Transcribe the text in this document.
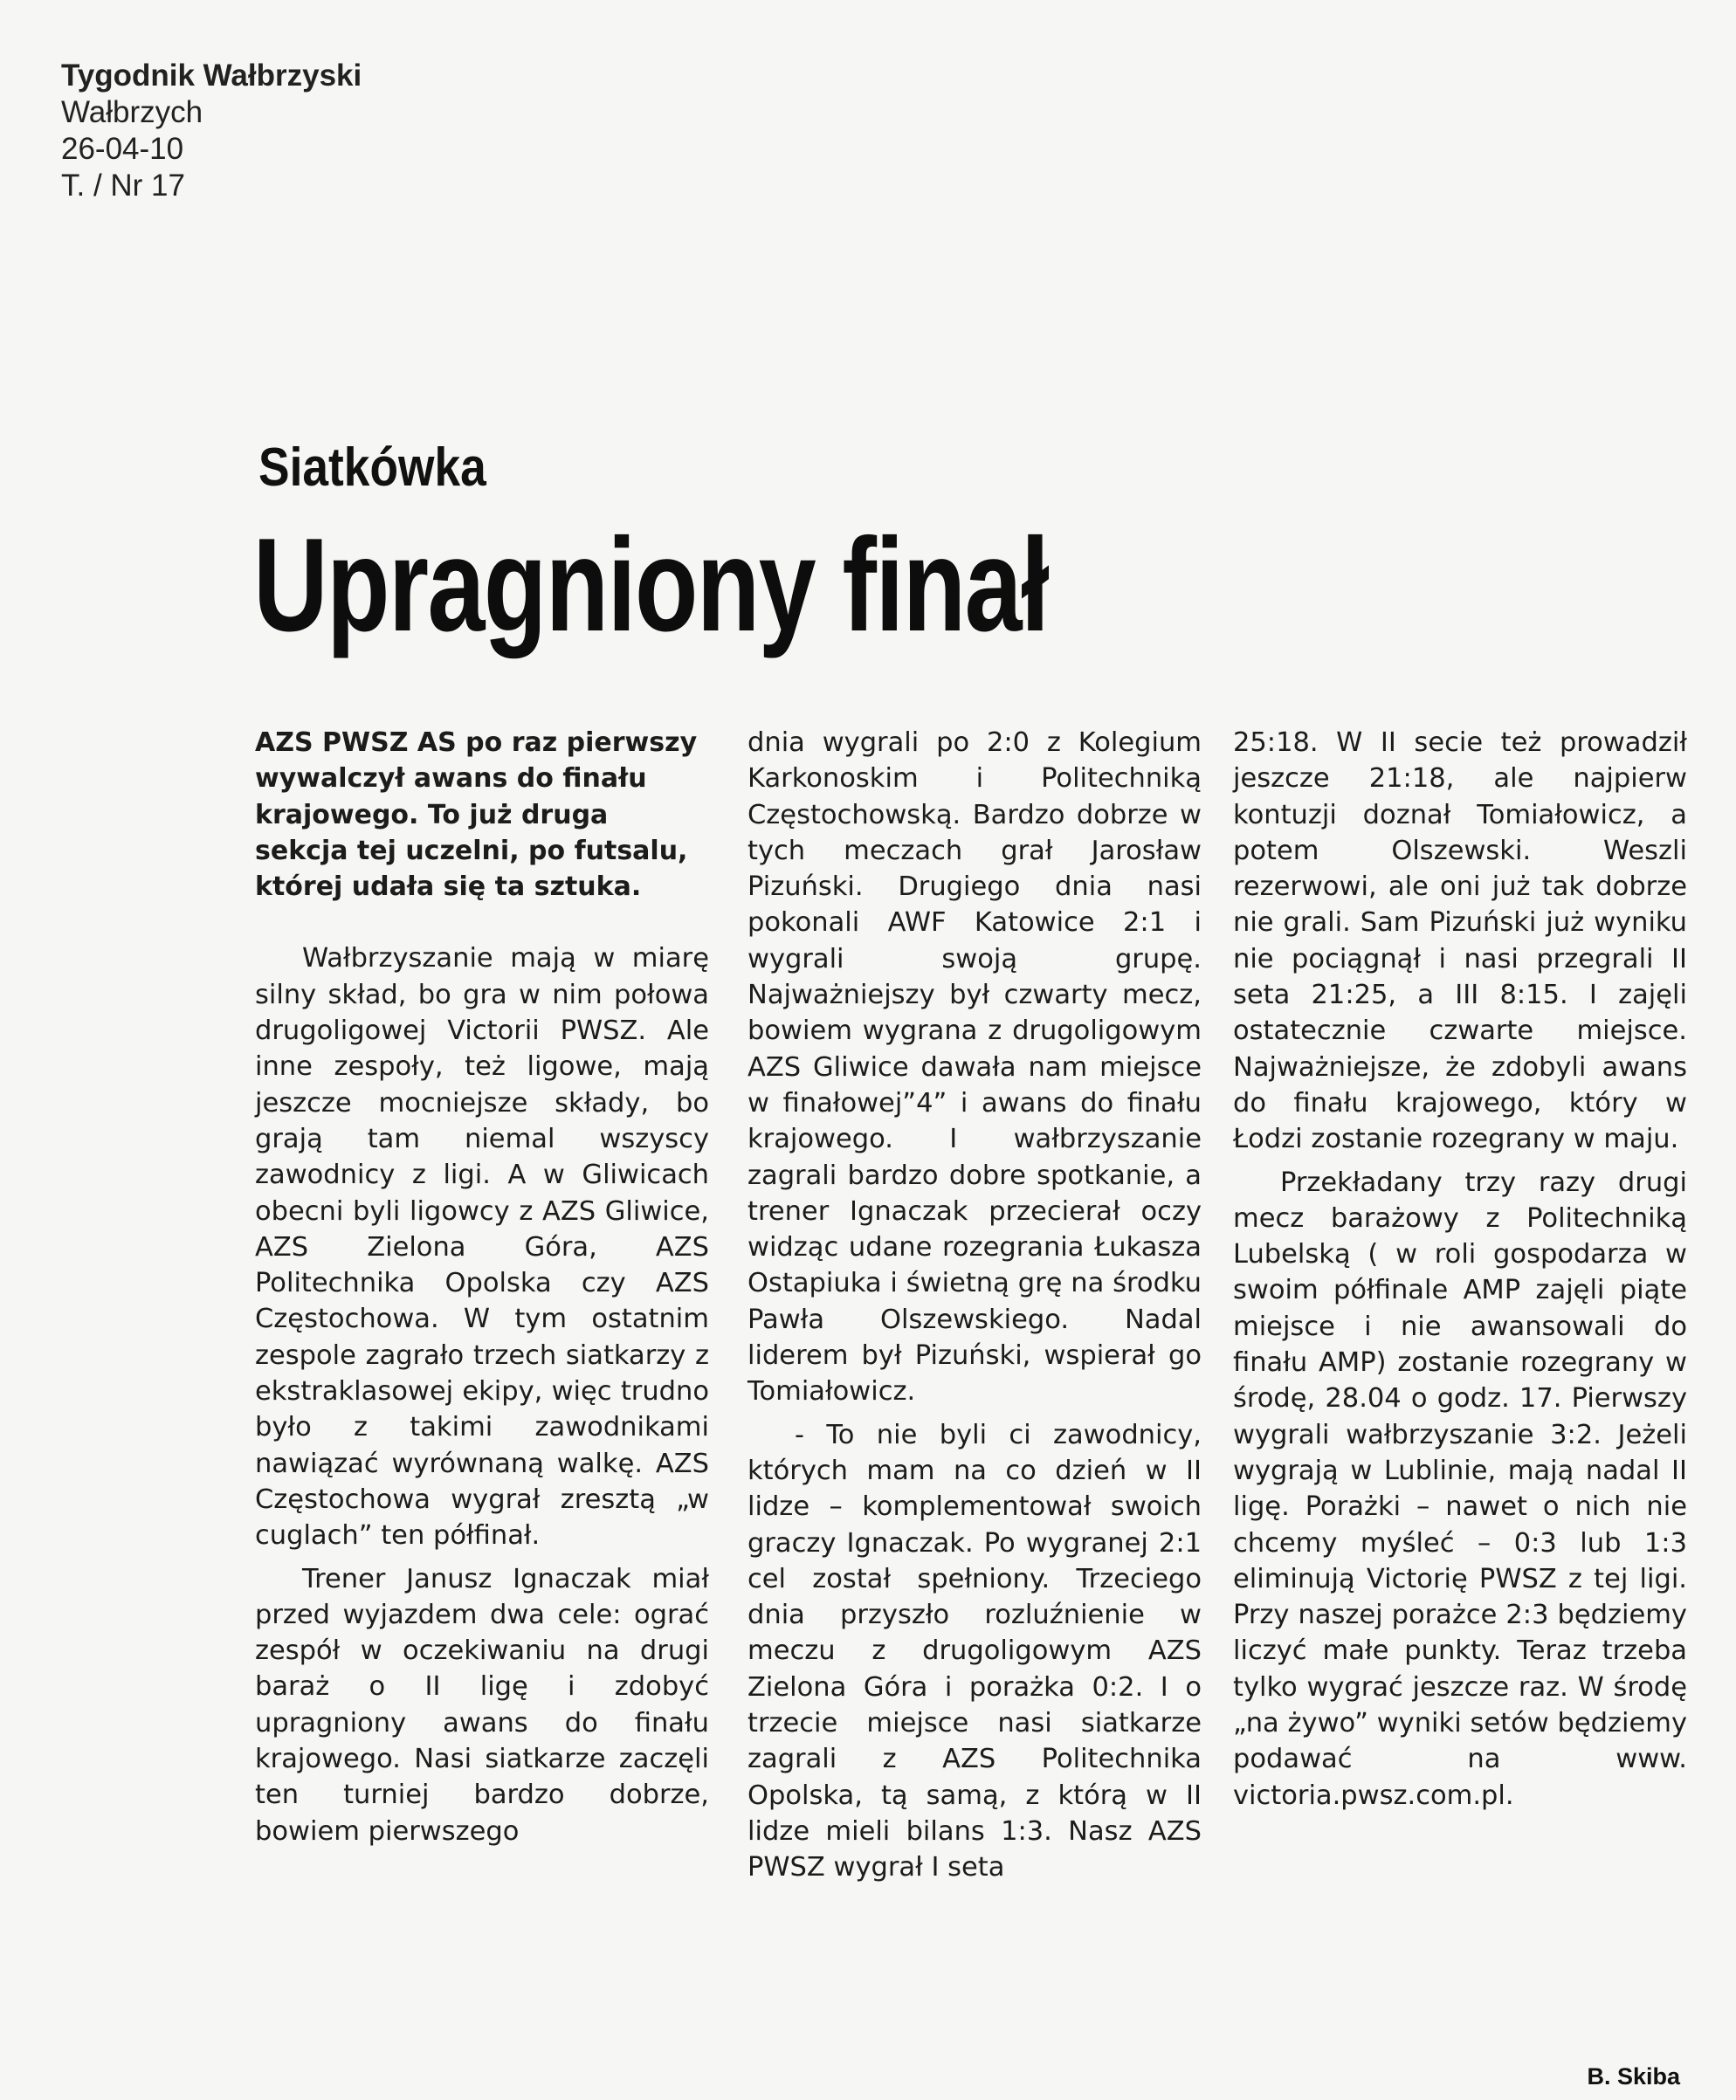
Tygodnik Wałbrzyski
Wałbrzych
26-04-10
T. / Nr 17
Siatkówka
Upragniony finał

AZS PWSZ AS po raz pierwszy wywalczył awans do finału krajowego. To już druga sekcja tej uczelni, po futsalu, której udała się ta sztuka.

Wałbrzyszanie mają w miarę silny skład, bo gra w nim połowa drugoligowej Victorii PWSZ. Ale inne zespoły, też ligowe, mają jeszcze mocniejsze składy, bo grają tam niemal wszyscy zawodnicy z ligi. A w Gliwicach obecni byli ligowcy z AZS Gliwice, AZS Zielona Góra, AZS Politechnika Opolska czy AZS Częstochowa. W tym ostatnim zespole zagrało trzech siatkarzy z ekstraklasowej ekipy, więc trudno było z takimi zawodnikami nawiązać wyrównaną walkę. AZS Częstochowa wygrał zresztą „w cuglach” ten półfinał.

Trener Janusz Ignaczak miał przed wyjazdem dwa cele: ograć zespół w oczekiwaniu na drugi baraż o II ligę i zdobyć upragniony awans do finału krajowego. Nasi siatkarze zaczęli ten turniej bardzo dobrze, bowiem pierwszego

dnia wygrali po 2:0 z Kolegium Karkonoskim i Politechniką Częstochowską. Bardzo dobrze w tych meczach grał Jarosław Pizuński. Drugiego dnia nasi pokonali AWF Katowice 2:1 i wygrali swoją grupę. Najważniejszy był czwarty mecz, bowiem wygrana z drugoligowym AZS Gliwice dawała nam miejsce w finałowej”4” i awans do finału krajowego. I wałbrzyszanie zagrali bardzo dobre spotkanie, a trener Ignaczak przecierał oczy widząc udane rozegrania Łukasza Ostapiuka i świetną grę na środku Pawła Olszewskiego. Nadal liderem był Pizuński, wspierał go Tomiałowicz.

- To nie byli ci zawodnicy, których mam na co dzień w II lidze – komplementował swoich graczy Ignaczak. Po wygranej 2:1 cel został spełniony. Trzeciego dnia przyszło rozluźnienie w meczu z drugoligowym AZS Zielona Góra i porażka 0:2. I o trzecie miejsce nasi siatkarze zagrali z AZS Politechnika Opolska, tą samą, z którą w II lidze mieli bilans 1:3. Nasz AZS PWSZ wygrał I seta

25:18. W II secie też prowadził jeszcze 21:18, ale najpierw kontuzji doznał Tomiałowicz, a potem Olszewski. Weszli rezerwowi, ale oni już tak dobrze nie grali. Sam Pizuński już wyniku nie pociągnął i nasi przegrali II seta 21:25, a III 8:15. I zajęli ostatecznie czwarte miejsce. Najważniejsze, że zdobyli awans do finału krajowego, który w Łodzi zostanie rozegrany w maju.

Przekładany trzy razy drugi mecz barażowy z Politechniką Lubelską ( w roli gospodarza w swoim półfinale AMP zajęli piąte miejsce i nie awansowali do finału AMP) zostanie rozegrany w środę, 28.04 o godz. 17. Pierwszy wygrali wałbrzyszanie 3:2. Jeżeli wygrają w Lublinie, mają nadal II ligę. Porażki – nawet o nich nie chcemy myśleć – 0:3 lub 1:3 eliminują Victorię PWSZ z tej ligi. Przy naszej porażce 2:3 będziemy liczyć małe punkty. Teraz trzeba tylko wygrać jeszcze raz. W środę „na żywo” wyniki setów będziemy podawać na www. victoria.pwsz.com.pl.

B. Skiba
